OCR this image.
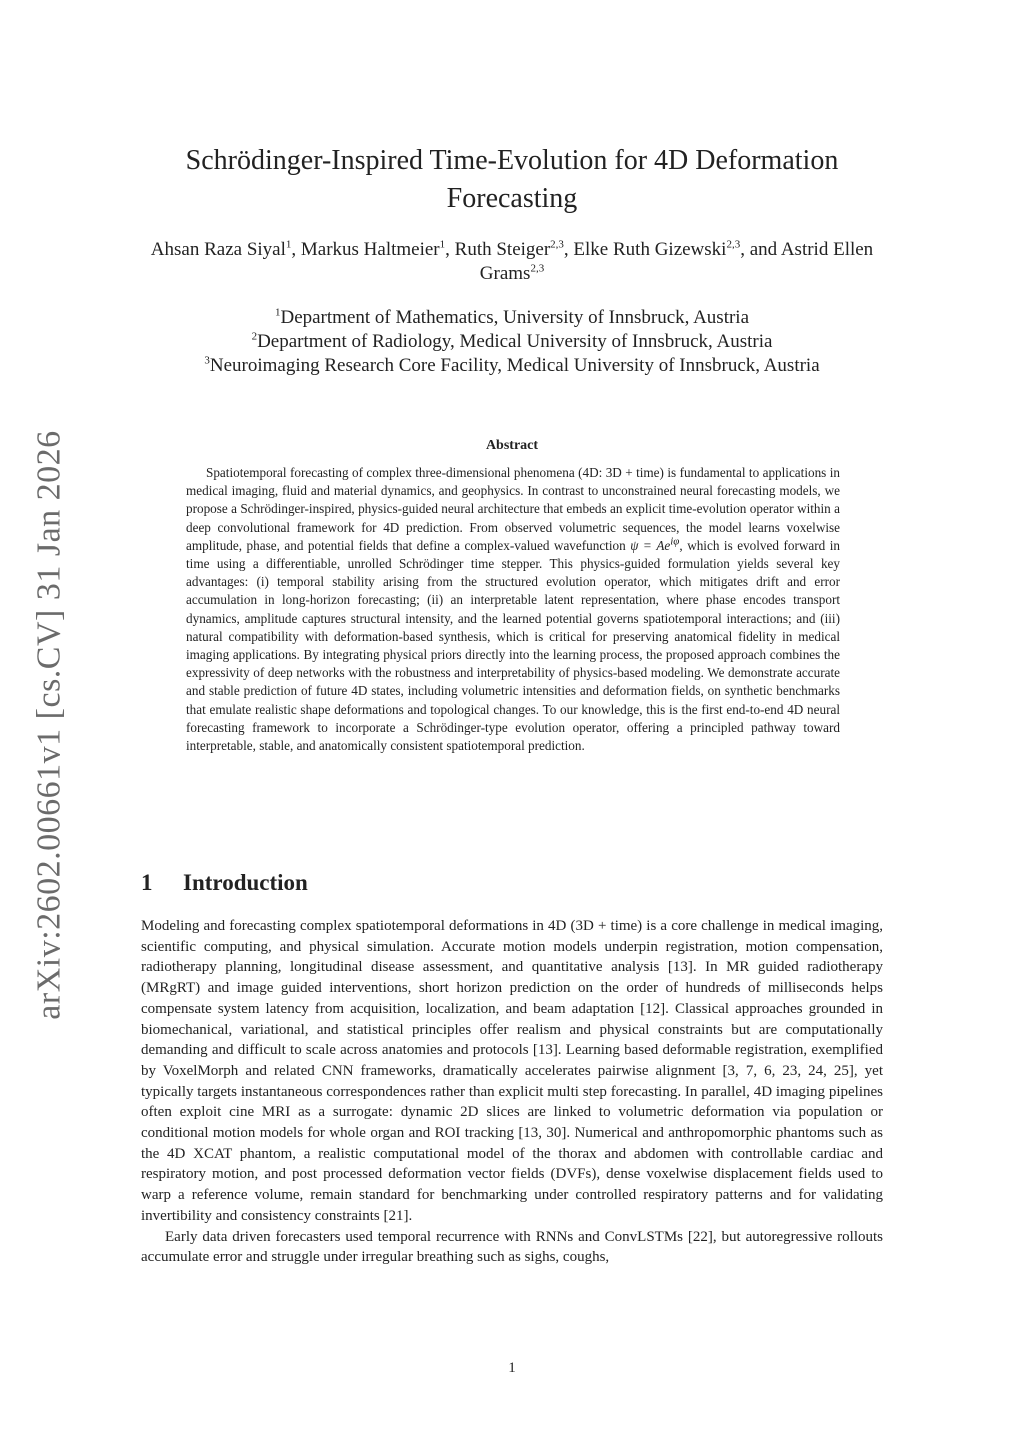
arXiv:2602.00661v1 [cs.CV] 31 Jan 2026
Schrödinger-Inspired Time-Evolution for 4D Deformation Forecasting
Ahsan Raza Siyal$^1$, Markus Haltmeier$^1$, Ruth Steiger$^{2,3}$, Elke Ruth Gizewski$^{2,3}$, and Astrid Ellen Grams$^{2,3}$
$^1$Department of Mathematics, University of Innsbruck, Austria
$^2$Department of Radiology, Medical University of Innsbruck, Austria
$^3$Neuroimaging Research Core Facility, Medical University of Innsbruck, Austria
Abstract
Spatiotemporal forecasting of complex three-dimensional phenomena (4D: 3D + time) is fundamental to applications in medical imaging, fluid and material dynamics, and geophysics. In contrast to unconstrained neural forecasting models, we propose a Schrödinger-inspired, physics-guided neural architecture that embeds an explicit time-evolution operator within a deep convolutional framework for 4D prediction. From observed volumetric sequences, the model learns voxelwise amplitude, phase, and potential fields that define a complex-valued wavefunction $\psi = Ae^{i\varphi}$, which is evolved forward in time using a differentiable, unrolled Schrödinger time stepper. This physics-guided formulation yields several key advantages: (i) temporal stability arising from the structured evolution operator, which mitigates drift and error accumulation in long-horizon forecasting; (ii) an interpretable latent representation, where phase encodes transport dynamics, amplitude captures structural intensity, and the learned potential governs spatiotemporal interactions; and (iii) natural compatibility with deformation-based synthesis, which is critical for preserving anatomical fidelity in medical imaging applications. By integrating physical priors directly into the learning process, the proposed approach combines the expressivity of deep networks with the robustness and interpretability of physics-based modeling. We demonstrate accurate and stable prediction of future 4D states, including volumetric intensities and deformation fields, on synthetic benchmarks that emulate realistic shape deformations and topological changes. To our knowledge, this is the first end-to-end 4D neural forecasting framework to incorporate a Schrödinger-type evolution operator, offering a principled pathway toward interpretable, stable, and anatomically consistent spatiotemporal prediction.
1 Introduction

Modeling and forecasting complex spatiotemporal deformations in 4D (3D + time) is a core challenge in medical imaging, scientific computing, and physical simulation. Accurate motion models underpin registration, motion compensation, radiotherapy planning, longitudinal disease assessment, and quantitative analysis [13]. In MR guided radiotherapy (MRgRT) and image guided interventions, short horizon prediction on the order of hundreds of milliseconds helps compensate system latency from acquisition, localization, and beam adaptation [12]. Classical approaches grounded in biomechanical, variational, and statistical principles offer realism and physical constraints but are computationally demanding and difficult to scale across anatomies and protocols [13]. Learning based deformable registration, exemplified by VoxelMorph and related CNN frameworks, dramatically accelerates pairwise alignment [3, 7, 6, 23, 24, 25], yet typically targets instantaneous correspondences rather than explicit multi step forecasting. In parallel, 4D imaging pipelines often exploit cine MRI as a surrogate: dynamic 2D slices are linked to volumetric deformation via population or conditional motion models for whole organ and ROI tracking [13, 30]. Numerical and anthropomorphic phantoms such as the 4D XCAT phantom, a realistic computational model of the thorax and abdomen with controllable cardiac and respiratory motion, and post processed deformation vector fields (DVFs), dense voxelwise displacement fields used to warp a reference volume, remain standard for benchmarking under controlled respiratory patterns and for validating invertibility and consistency constraints [21].

Early data driven forecasters used temporal recurrence with RNNs and ConvLSTMs [22], but autoregressive rollouts accumulate error and struggle under irregular breathing such as sighs, coughs,

1
